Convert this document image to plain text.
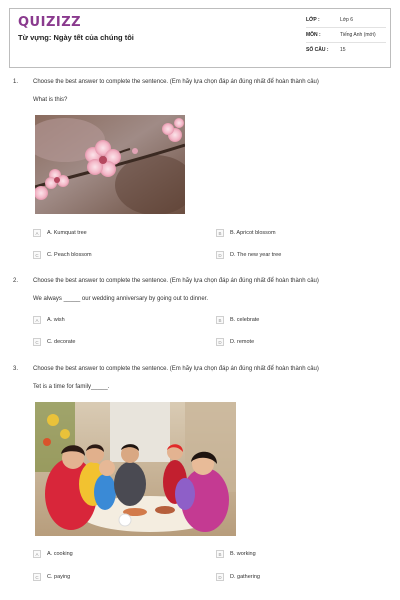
QUIZIZZ
Từ vựng: Ngày tết của chúng tôi
LỚP :	Lớp 6
MÔN :	Tiếng Anh (mới)
SỐ CÂU :	15
1. Choose the best answer to complete the sentence. (Em hãy lựa chọn đáp án đúng nhất để hoàn thành câu)
What is this?
A	A. Kumquat tree	B	B. Apricot blossom
C	C. Peach blossom	D	D. The new year tree
2. Choose the best answer to complete the sentence. (Em hãy lựa chọn đáp án đúng nhất để hoàn thành câu)
We always _____ our wedding anniversary by going out to dinner.
A	A. wish	B	B. celebrate
C	C. decorate	D	D. remote
3. Choose the best answer to complete the sentence. (Em hãy lựa chọn đáp án đúng nhất để hoàn thành câu)
Tet is a time for family_____.
A	A. cooking	B	B. working
C	C. paying	D	D. gathering
